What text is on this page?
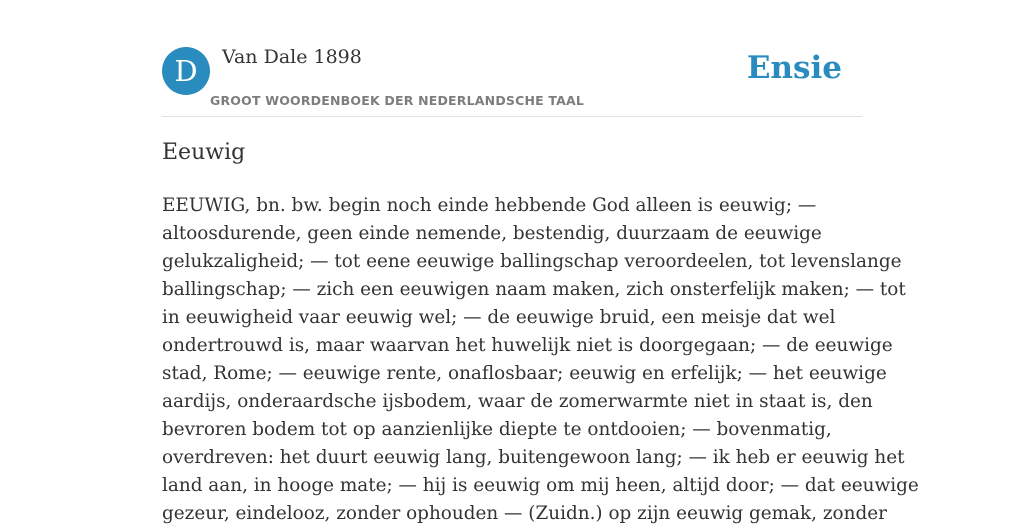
D	Van Dale 1898
GROOT WOORDENBOEK DER NEDERLANDSCHE TAAL
Ensie
Eeuwig

EEUWIG, bn. bw. begin noch einde hebbende God alleen is eeuwig; —
altoosdurende, geen einde nemende, bestendig, duurzaam de eeuwige
gelukzaligheid; — tot eene eeuwige ballingschap veroordeelen, tot levenslange
ballingschap; — zich een eeuwigen naam maken, zich onsterfelijk maken; — tot
in eeuwigheid vaar eeuwig wel; — de eeuwige bruid, een meisje dat wel
ondertrouwd is, maar waarvan het huwelijk niet is doorgegaan; — de eeuwige
stad, Rome; — eeuwige rente, onaflosbaar; eeuwig en erfelijk; — het eeuwige
aardijs, onderaardsche ijsbodem, waar de zomerwarmte niet in staat is, den
bevroren bodem tot op aanzienlijke diepte te ontdooien; — bovenmatig,
overdreven: het duurt eeuwig lang, buitengewoon lang; — ik heb er eeuwig het
land aan, in hooge mate; — hij is eeuwig om mij heen, altijd door; — dat eeuwige
gezeur, eindelooz, zonder ophouden — (Zuidn.) op zijn eeuwig gemak, zonder
